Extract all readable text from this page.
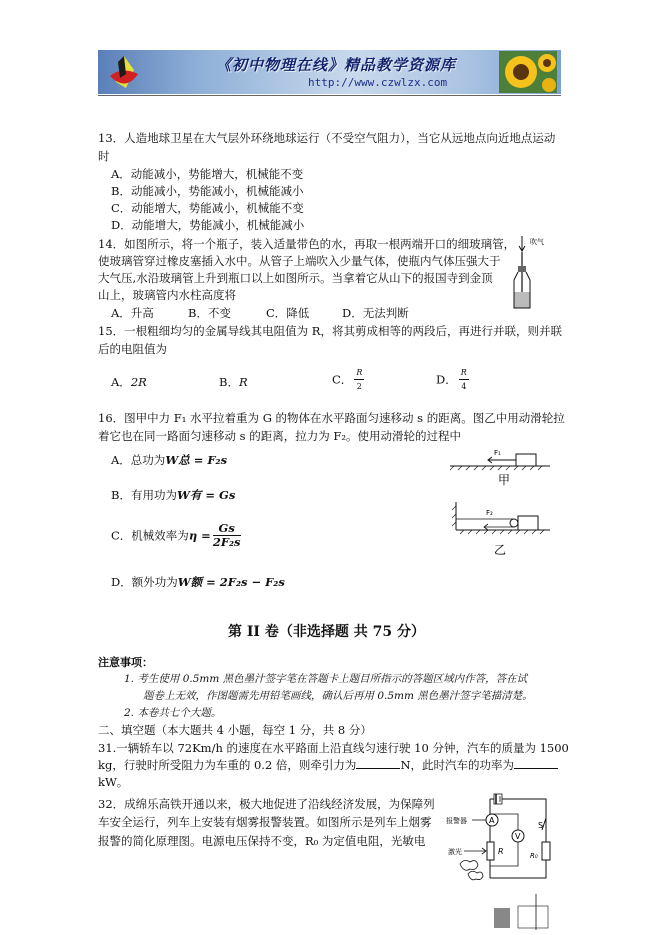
《初中物理在线》精品教学资源库
http://www.czwlzx.com
13．人造地球卫星在大气层外环绕地球运行（不受空气阻力），当它从远地点向近地点运动
时
A．动能减小，势能增大，机械能不变
B．动能减小，势能减小，机械能减小
C．动能增大，势能减小，机械能不变
D．动能增大，势能减小，机械能减小
14．如图所示，将一个瓶子，装入适量带色的水，再取一根两端开口的细玻璃管，
使玻璃管穿过橡皮塞插入水中。从管子上端吹入少量气体，使瓶内气体压强大于
大气压,水沿玻璃管上升到瓶口以上如图所示。当拿着它从山下的报国寺到金顶
山上，玻璃管内水柱高度将
A．升高	B．不变	C．降低	D．无法判断
吹气
15．一根粗细均匀的金属导线其电阻值为 R，将其剪成相等的两段后，再进行并联，则并联
后的电阻值为
A．2R	B．R	C． $\frac{R}{2}$	D． $\frac{R}{4}$
16．图甲中力 F₁ 水平拉着重为 G 的物体在水平路面匀速移动 s 的距离。图乙中用动滑轮拉
着它也在同一路面匀速移动 s 的距离，拉力为 F₂。使用动滑轮的过程中
A．总功为W总 = F₂s
B．有用功为W有 = Gs
C．机械效率为$\eta = \frac{Gs}{\text{2F₂s}}$
D．额外功为W额 = 2F₂s − F₂s
F₁
甲
F₂
乙
第 II 卷（非选择题 共 75 分）
注意事项：
1. 考生使用 0.5mm 黑色墨汁签字笔在答题卡上题目所指示的答题区域内作答，答在试
题卷上无效，作图题需先用铅笔画线，确认后再用 0.5mm 黑色墨汁签字笔描清楚。
2. 本卷共七个大题。
二、填空题（本大题共 4 小题，每空 1 分，共 8 分）
31.一辆轿车以 72Km/h 的速度在水平路面上沿直线匀速行驶 10 分钟，汽车的质量为 1500
kg，行驶时所受阻力为车重的 0.2 倍，则牵引力为	N，此时汽车的功率为
kW。
32．成绵乐高铁开通以来，极大地促进了沿线经济发展，为保障列
车安全运行，列车上安装有烟雾报警装置。如图所示是列车上烟雾
报警的简化原理图。电源电压保持不变，R₀ 为定值电阻，光敏电
A
报警器
R
V
S
R₀
激光
